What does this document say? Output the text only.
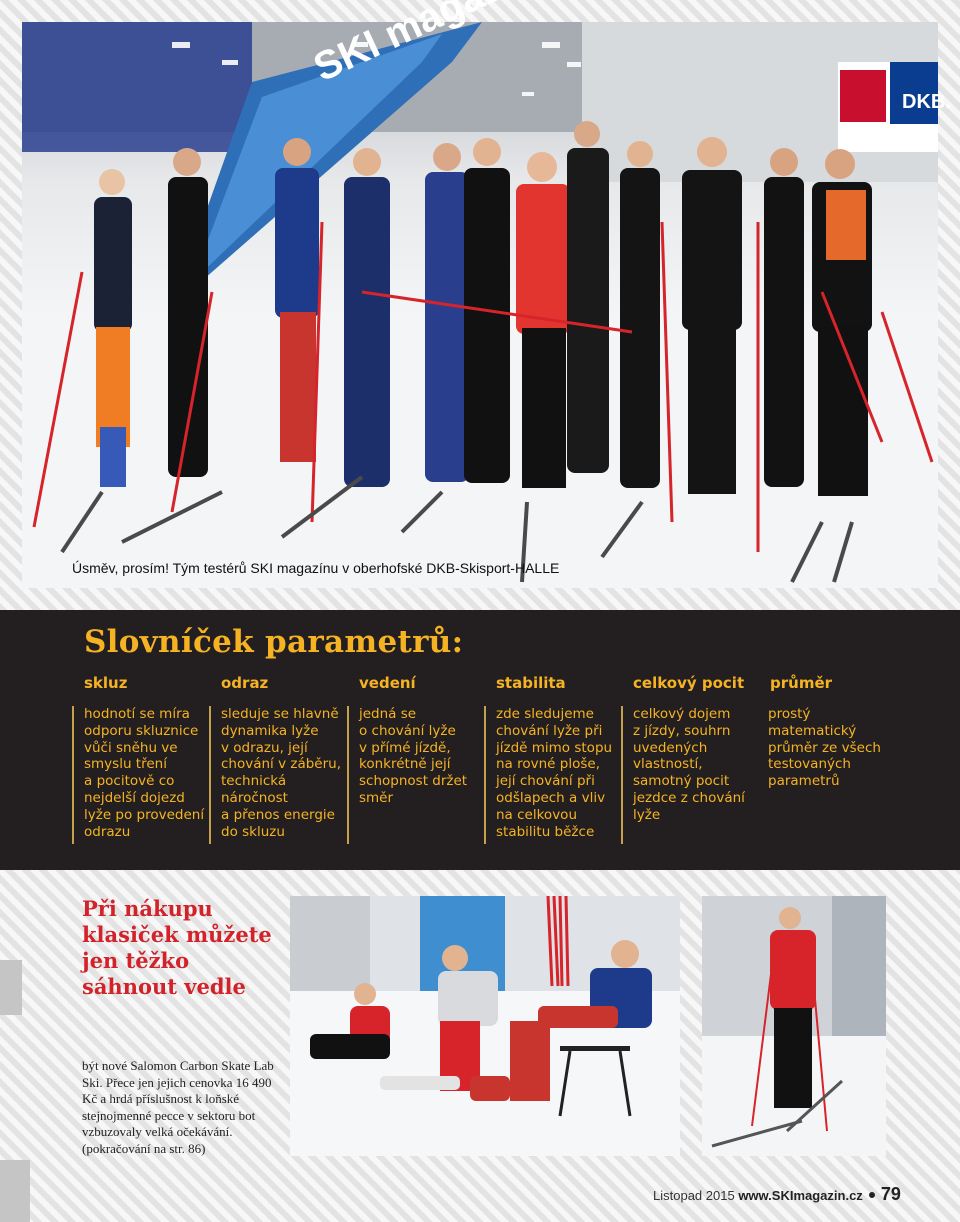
DKB.
SKI
Úsměv, prosím! Tým testérů SKI magazínu v oberhofské DKB-Skisport-HALLE
Slovníček parametrů:
skluz
hodnotí se míra
odporu skluznice
vůči sněhu ve
smyslu tření
a pocitově co
nejdelší dojezd
lyže po provedení
odrazu
odraz
sleduje se hlavně
dynamika lyže
v odrazu, její
chování v záběru,
technická
náročnost
a přenos energie
do skluzu
vedení
jedná se
o chování lyže
v přímé jízdě,
konkrétně její
schopnost držet
směr
stabilita
zde sledujeme
chování lyže při
jízdě mimo stopu
na rovné ploše,
její chování při
odšlapech a vliv
na celkovou
stabilitu běžce
celkový pocit
celkový dojem
z jízdy, souhrn
uvedených
vlastností,
samotný pocit
jezdce z chování
lyže
průměr
prostý
matematický
průměr ze všech
testovaných
parametrů
Při nákupu klasiček můžete jen těžko sáhnout vedle
být nové Salomon Carbon Skate Lab Ski. Přece jen jejich cenovka 16 490 Kč a hrdá příslušnost k loňské stejnojmenné pecce v sektoru bot vzbuzovaly velká očekávání. (pokračování na str. 86)
Listopad 2015 www.SKImagazin.cz 79
